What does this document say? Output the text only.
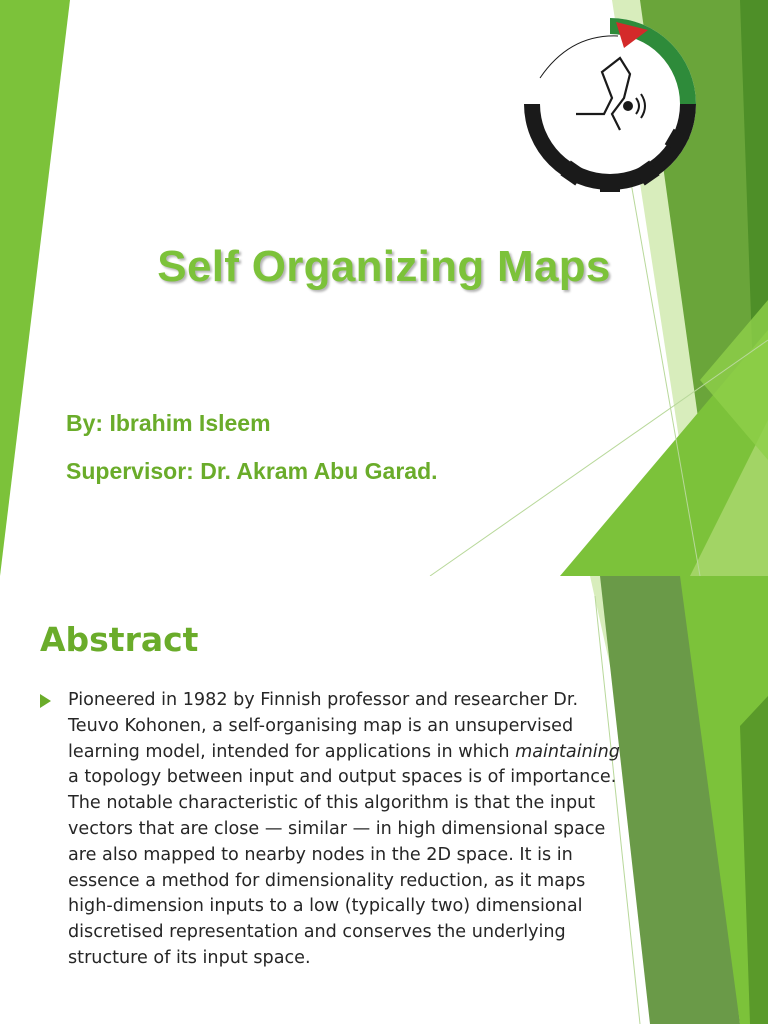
Self Organizing Maps
By: Ibrahim Isleem
Supervisor: Dr. Akram Abu Garad.
Abstract
Pioneered in 1982 by Finnish professor and researcher Dr. Teuvo Kohonen, a self-organising map is an unsupervised learning model, intended for applications in which maintaining a topology between input and output spaces is of importance. The notable characteristic of this algorithm is that the input vectors that are close — similar — in high dimensional space are also mapped to nearby nodes in the 2D space. It is in essence a method for dimensionality reduction, as it maps high-dimension inputs to a low (typically two) dimensional discretised representation and conserves the underlying structure of its input space.
